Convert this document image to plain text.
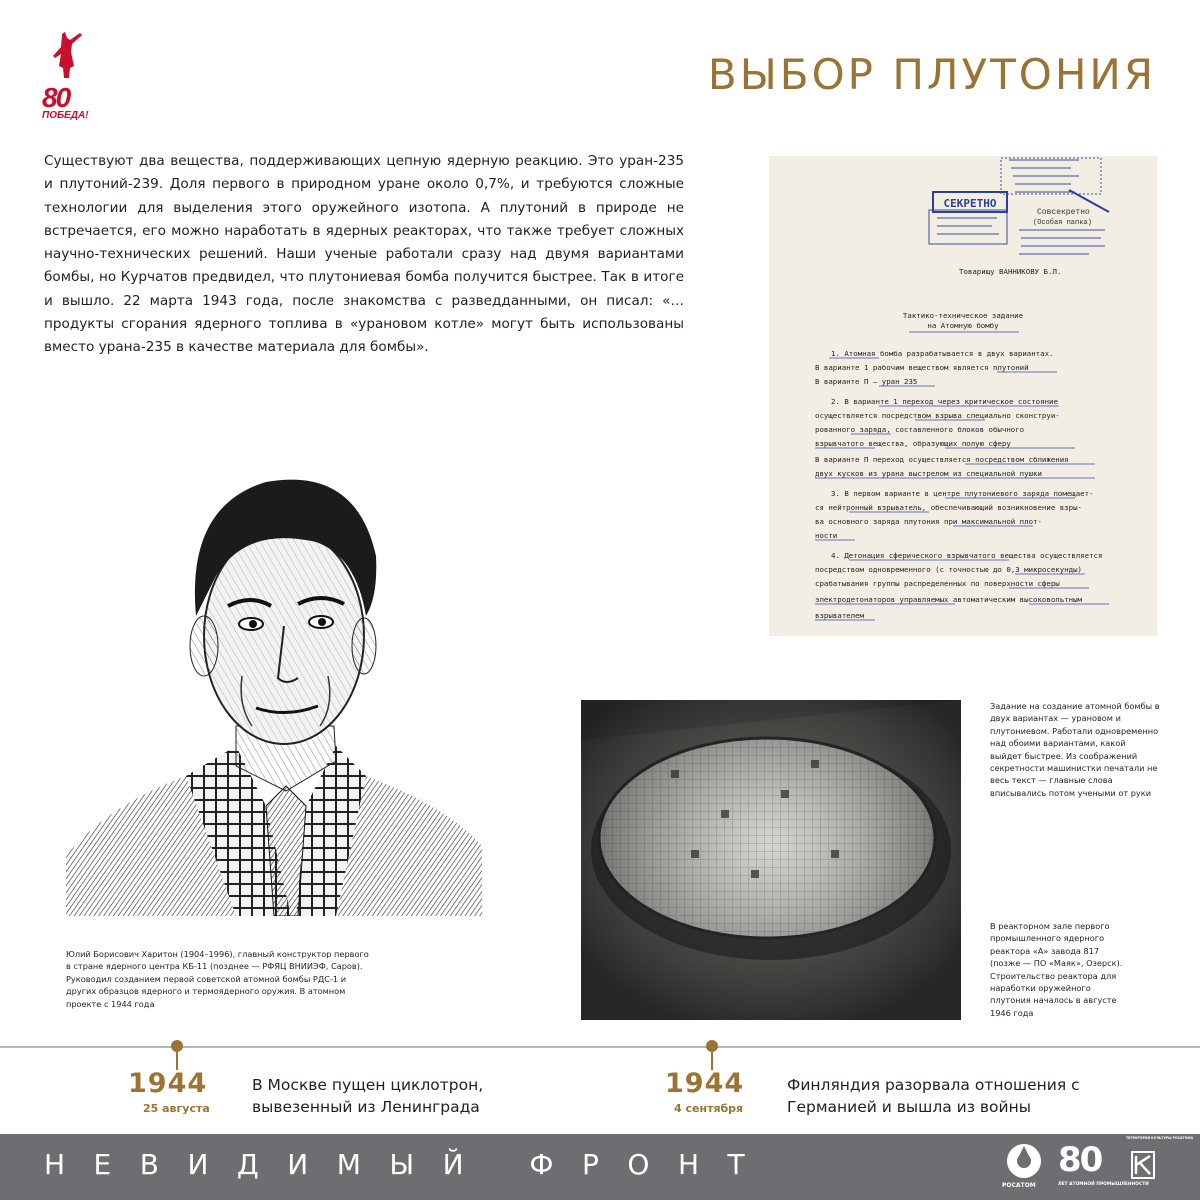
80
ПОБЕДА!
ВЫБОР ПЛУТОНИЯ

Существуют два вещества, поддерживающих цепную ядерную реакцию. Это уран-235 и плутоний-239. Доля первого в природном уране около 0,7%, и требуются сложные технологии для выделения этого оружейного изотопа. А плутоний в природе не встречается, его можно наработать в ядерных реакторах, что также требует сложных научно-технических решений. Наши ученые работали сразу над двумя вариантами бомбы, но Курчатов предвидел, что плутониевая бомба получится быстрее. Так в итоге и вышло. 22 марта 1943 года, после знакомства с разведданными, он писал: «…продукты сгорания ядерного топлива в «урановом котле» могут быть использованы вместо урана-235 в качестве материала для бомбы».

СЕКРЕТНО
Совсекретно
(Особая папка)
Товарищу ВАННИКОВУ Б.Л.
Тактико-техническое задание
на Атомную бомбу
1. Атомная бомба разрабатывается в двух вариантах.
В варианте 1 рабочим веществом является плутоний
В варианте П — уран 235
2. В варианте 1 переход через критическое состояние
осуществляется посредством взрыва специально сконструи-
рованного заряда, составленного блоков обычного
взрывчатого вещества, образующих полую сферу
В варианте П переход осуществляется посредством сближения
двух кусков из урана выстрелом из специальной пушки
3. В первом варианте в центре плутониевого заряда помещает-
ся нейтронный взрыватель, обеспечивающий возникновение взры-
ва основного заряда плутония при максимальной плот-
ности
4. Детонация сферического взрывчатого вещества осуществляется
посредством одновременного (с точностью до 0,3 микросекунды)
срабатывания группы распределенных по поверхности сферы
электродетонаторов управляемых автоматическим высоковольтным
взрывателем

Юлий Борисович Харитон (1904–1996), главный конструктор первого в стране ядерного центра КБ-11 (позднее — РФЯЦ ВНИИЭФ, Саров). Руководил созданием первой советской атомной бомбы РДС-1 и других образцов ядерного и термоядерного оружия. В атомном проекте с 1944 года

Задание на создание атомной бомбы в двух вариантах — урановом и плутониевом. Работали одновременно над обоими вариантами, какой выйдет быстрее. Из соображений секретности машинистки печатали не весь текст — главные слова вписывались потом учеными от руки

В реакторном зале первого промышленного ядерного реактора «А» завода 817 (позже — ПО «Маяк», Озерск). Строительство реактора для наработки оружейного плутония началось в августе 1946 года

1944
25 августа
В Москве пущен циклотрон, вывезенный из Ленинграда
1944
4 сентября
Финляндия разорвала отношения с Германией и вышла из войны
НЕВИДИМЫЙ ФРОНТ
РОСАТОМ
80
ЛЕТ АТОМНОЙ ПРОМЫШЛЕННОСТИ
ТЕРРИТОРИЯ КУЛЬТУРЫ РОСАТОМА
